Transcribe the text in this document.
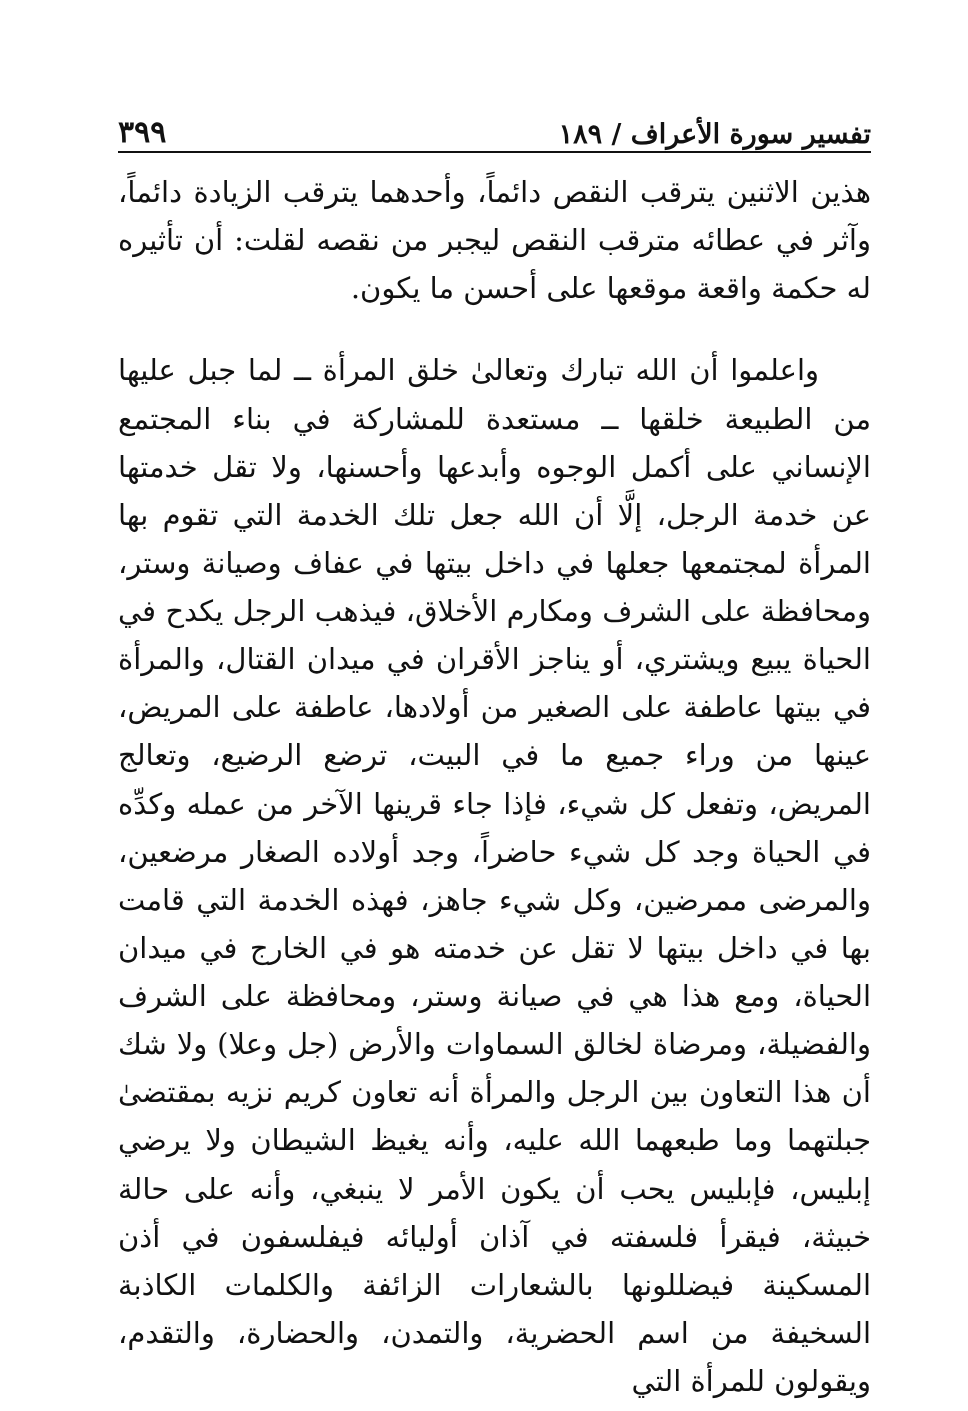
تفسير سورة الأعراف / ١٨٩
٣٩٩

هذين الاثنين يترقب النقص دائماً، وأحدهما يترقب الزيادة دائماً، وآثر في عطائه مترقب النقص ليجبر من نقصه لقلت: أن تأثيره له حكمة واقعة موقعها على أحسن ما يكون.

واعلموا أن الله تبارك وتعالىٰ خلق المرأة ــ لما جبل عليها من الطبيعة خلقها ــ مستعدة للمشاركة في بناء المجتمع الإنساني على أكمل الوجوه وأبدعها وأحسنها، ولا تقل خدمتها عن خدمة الرجل، إلَّا أن الله جعل تلك الخدمة التي تقوم بها المرأة لمجتمعها جعلها في داخل بيتها في عفاف وصيانة وستر، ومحافظة على الشرف ومكارم الأخلاق، فيذهب الرجل يكدح في الحياة يبيع ويشتري، أو يناجز الأقران في ميدان القتال، والمرأة في بيتها عاطفة على الصغير من أولادها، عاطفة على المريض، عينها من وراء جميع ما في البيت، ترضع الرضيع، وتعالج المريض، وتفعل كل شيء، فإذا جاء قرينها الآخر من عمله وكدِّه في الحياة وجد كل شيء حاضراً، وجد أولاده الصغار مرضعين، والمرضى ممرضين، وكل شيء جاهز، فهذه الخدمة التي قامت بها في داخل بيتها لا تقل عن خدمته هو في الخارج في ميدان الحياة، ومع هذا هي في صيانة وستر، ومحافظة على الشرف والفضيلة، ومرضاة لخالق السماوات والأرض (جل وعلا) ولا شك أن هذا التعاون بين الرجل والمرأة أنه تعاون كريم نزيه بمقتضىٰ جبلتهما وما طبعهما الله عليه، وأنه يغيظ الشيطان ولا يرضي إبليس، فإبليس يحب أن يكون الأمر لا ينبغي، وأنه على حالة خبيثة، فيقرأ فلسفته في آذان أوليائه فيفلسفون في أذن المسكينة فيضللونها بالشعارات الزائفة والكلمات الكاذبة السخيفة من اسم الحضرية، والتمدن، والحضارة، والتقدم، ويقولون للمرأة التي
